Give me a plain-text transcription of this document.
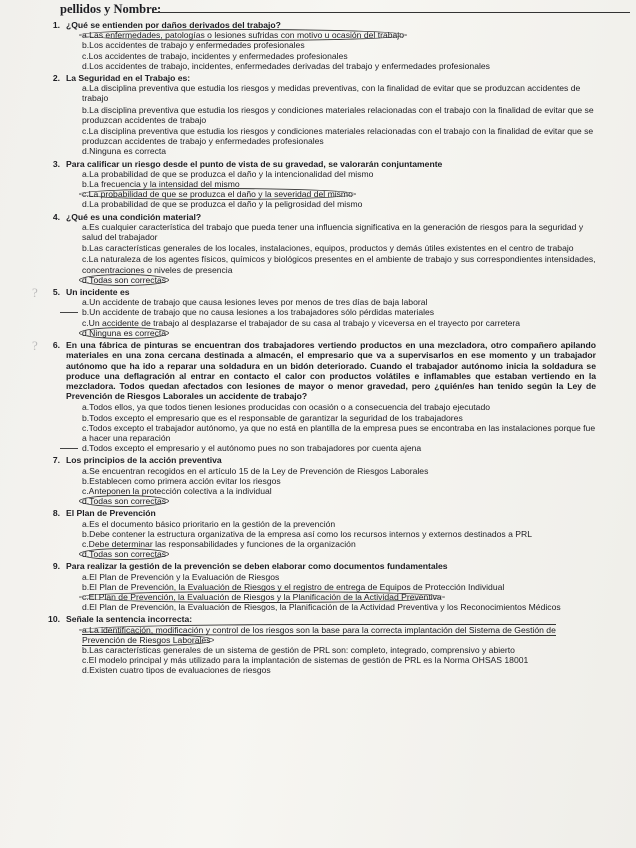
pellidos y Nombre:
1. ¿Qué se entienden por daños derivados del trabajo?
a.Las enfermedades, patologías o lesiones sufridas con motivo u ocasión del trabajo
b.Los accidentes de trabajo y enfermedades profesionales
c.Los accidentes de trabajo, incidentes y enfermedades profesionales
d.Los accidentes de trabajo, incidentes, enfermedades derivadas del trabajo y enfermedades profesionales
2. La Seguridad en el Trabajo es:
a.La disciplina preventiva que estudia los riesgos y medidas preventivas, con la finalidad de evitar que se produzcan accidentes de trabajo
b.La disciplina preventiva que estudia los riesgos y condiciones materiales relacionadas con el trabajo con la finalidad de evitar que se produzcan accidentes de trabajo
c.La disciplina preventiva que estudia los riesgos y condiciones materiales relacionadas con el trabajo con la finalidad de evitar que se produzcan accidentes de trabajo y enfermedades profesionales
d.Ninguna es correcta
3. Para calificar un riesgo desde el punto de vista de su gravedad, se valorarán conjuntamente
a.La probabilidad de que se produzca el daño y la intencionalidad del mismo
b.La frecuencia y la intensidad del mismo
c.La probabilidad de que se produzca el daño y la severidad del mismo
d.La probabilidad de que se produzca el daño y la peligrosidad del mismo
4. ¿Qué es una condición material?
a.Es cualquier característica del trabajo que pueda tener una influencia significativa en la generación de riesgos para la seguridad y salud del trabajador
b.Las características generales de los locales, instalaciones, equipos, productos y demás útiles existentes en el centro de trabajo
c.La naturaleza de los agentes físicos, químicos y biológicos presentes en el ambiente de trabajo y sus correspondientes intensidades, concentraciones o niveles de presencia
d.Todas son correctas
?	5. Un incidente es
a.Un accidente de trabajo que causa lesiones leves por menos de tres días de baja laboral
b.Un accidente de trabajo que no causa lesiones a los trabajadores sólo pérdidas materiales
c.Un accidente de trabajo al desplazarse el trabajador de su casa al trabajo y viceversa en el trayecto por carretera
d.Ninguna es correcta
?	6. En una fábrica de pinturas se encuentran dos trabajadores vertiendo productos en una mezcladora, otro compañero apilando materiales en una zona cercana destinada a almacén, el empresario que va a supervisarlos en ese momento y un trabajador autónomo que ha ido a reparar una soldadura en un bidón deteriorado. Cuando el trabajador autónomo inicia la soldadura se produce una deflagración al entrar en contacto el calor con productos volátiles e inflamables que estaban vertiendo en la mezcladora. Todos quedan afectados con lesiones de mayor o menor gravedad, pero ¿quién/es han tenido según la Ley de Prevención de Riesgos Laborales un accidente de trabajo?
a.Todos ellos, ya que todos tienen lesiones producidas con ocasión o a consecuencia del trabajo ejecutado
b.Todos excepto el empresario que es el responsable de garantizar la seguridad de los trabajadores
c.Todos excepto el trabajador autónomo, ya que no está en plantilla de la empresa pues se encontraba en las instalaciones porque fue a hacer una reparación
d.Todos excepto el empresario y el autónomo pues no son trabajadores por cuenta ajena
7. Los principios de la acción preventiva
a.Se encuentran recogidos en el artículo 15 de la Ley de Prevención de Riesgos Laborales
b.Establecen como primera acción evitar los riesgos
c.Anteponen la protección colectiva a la individual
d.Todas son correctas
8. El Plan de Prevención
a.Es el documento básico prioritario en la gestión de la prevención
b.Debe contener la estructura organizativa de la empresa así como los recursos internos y externos destinados a PRL
c.Debe determinar las responsabilidades y funciones de la organización
d.Todas son correctas
9. Para realizar la gestión de la prevención se deben elaborar como documentos fundamentales
a.El Plan de Prevención y la Evaluación de Riesgos
b.El Plan de Prevención, la Evaluación de Riesgos y el registro de entrega de Equipos de Protección Individual
c.El Plan de Prevención, la Evaluación de Riesgos y la Planificación de la Actividad Preventiva
d.El Plan de Prevención, la Evaluación de Riesgos, la Planificación de la Actividad Preventiva y los Reconocimientos Médicos
10. Señale la sentencia incorrecta:
a.La identificación, modificación y control de los riesgos son la base para la correcta implantación del Sistema de Gestión de Prevención de Riesgos Laborales
b.Las características generales de un sistema de gestión de PRL son: completo, integrado, comprensivo y abierto
c.El modelo principal y más utilizado para la implantación de sistemas de gestión de PRL es la Norma OHSAS 18001
d.Existen cuatro tipos de evaluaciones de riesgos
